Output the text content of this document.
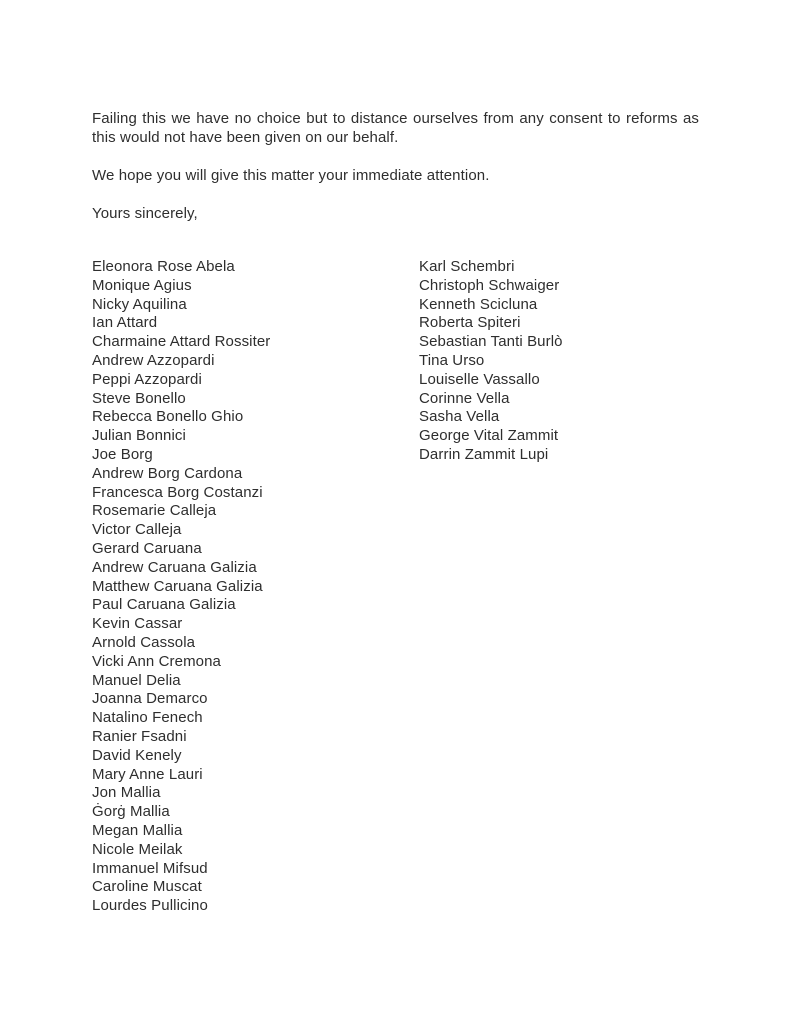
Failing this we have no choice but to distance ourselves from any consent to reforms as this would not have been given on our behalf.
We hope you will give this matter your immediate attention.
Yours sincerely,
Eleonora Rose Abela
Monique Agius
Nicky Aquilina
Ian Attard
Charmaine Attard Rossiter
Andrew Azzopardi
Peppi Azzopardi
Steve Bonello
Rebecca Bonello Ghio
Julian Bonnici
Joe Borg
Andrew Borg Cardona
Francesca Borg Costanzi
Rosemarie Calleja
Victor Calleja
Gerard Caruana
Andrew Caruana Galizia
Matthew Caruana Galizia
Paul Caruana Galizia
Kevin Cassar
Arnold Cassola
Vicki Ann Cremona
Manuel Delia
Joanna Demarco
Natalino Fenech
Ranier Fsadni
David Kenely
Mary Anne Lauri
Jon Mallia
Ġorġ Mallia
Megan Mallia
Nicole Meilak
Immanuel Mifsud
Caroline Muscat
Lourdes Pullicino
Karl Schembri
Christoph Schwaiger
Kenneth Scicluna
Roberta Spiteri
Sebastian Tanti Burlò
Tina Urso
Louiselle Vassallo
Corinne Vella
Sasha Vella
George Vital Zammit
Darrin Zammit Lupi
